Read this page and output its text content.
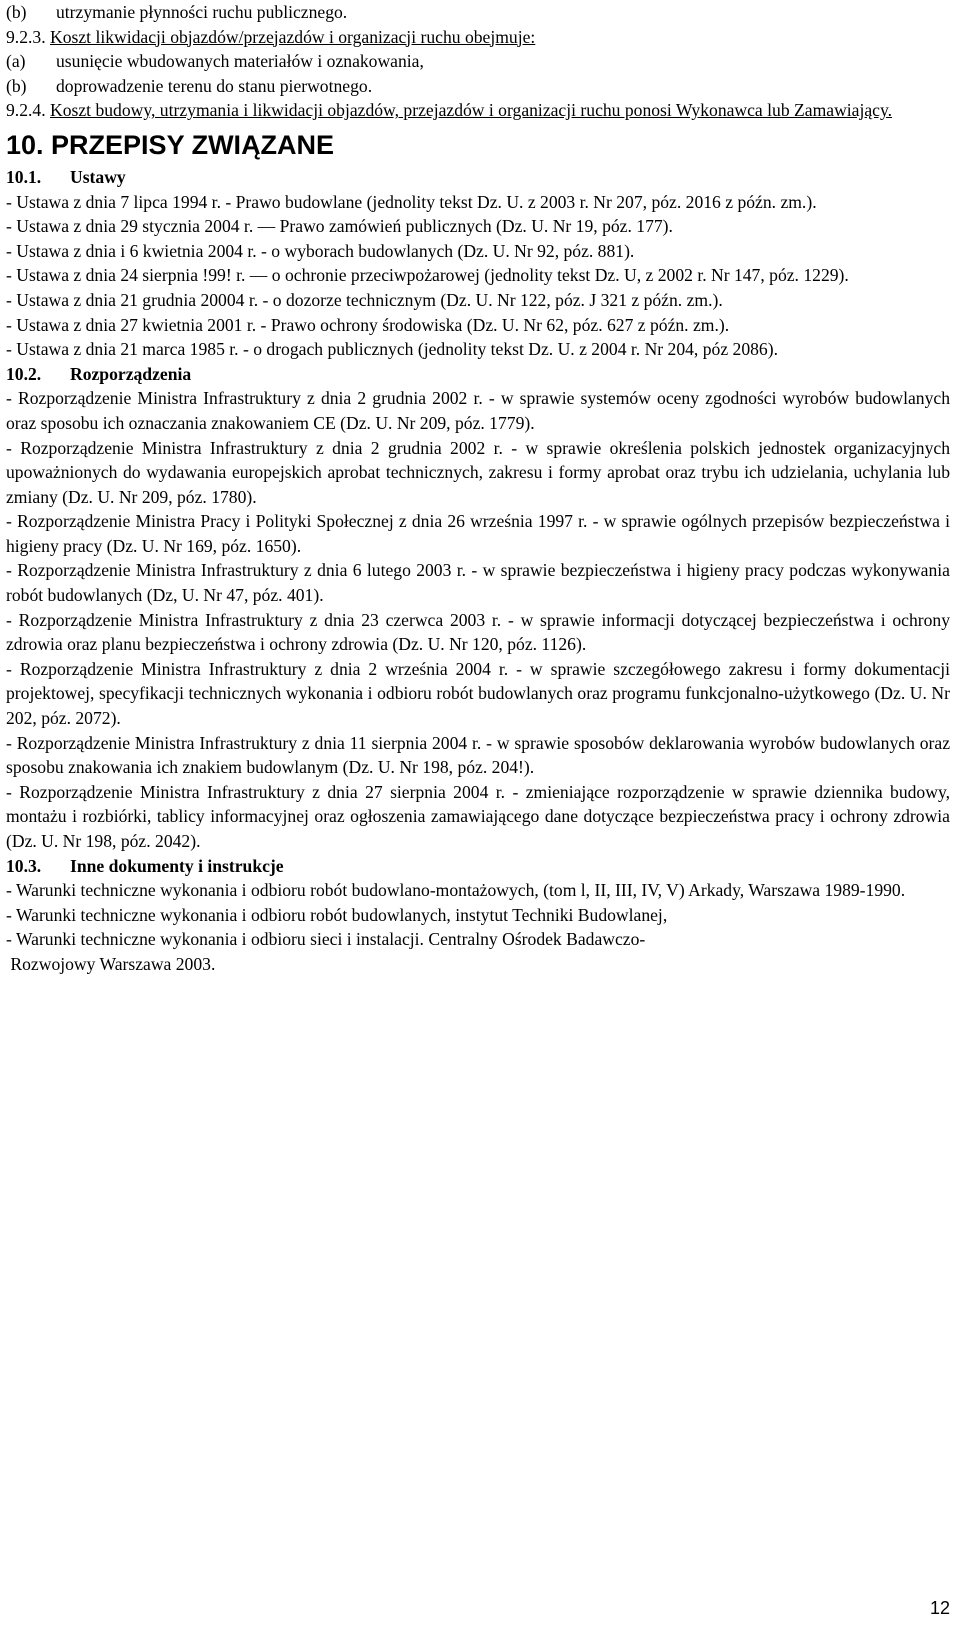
(b) utrzymanie płynności ruchu publicznego.
9.2.3. Koszt likwidacji objazdów/przejazdów i organizacji ruchu obejmuje:
(a) usunięcie wbudowanych materiałów i oznakowania,
(b) doprowadzenie terenu do stanu pierwotnego.
9.2.4. Koszt budowy, utrzymania i likwidacji objazdów, przejazdów i organizacji ruchu ponosi Wykonawca lub Zamawiający.
10. PRZEPISY ZWIĄZANE
10.1. Ustawy
- Ustawa z dnia 7 lipca 1994 r. - Prawo budowlane (jednolity tekst Dz. U. z 2003 r. Nr 207, póz. 2016 z późn. zm.).
- Ustawa z dnia 29 stycznia 2004 r. — Prawo zamówień publicznych (Dz. U. Nr 19, póz. 177).
- Ustawa z dnia i 6 kwietnia 2004 r. - o wyborach budowlanych (Dz. U. Nr 92, póz. 881).
- Ustawa z dnia 24 sierpnia !99! r. — o ochronie przeciwpożarowej (jednolity tekst Dz. U, z 2002 r. Nr 147, póz. 1229).
- Ustawa z dnia 21 grudnia 20004 r. - o dozorze technicznym (Dz. U. Nr 122, póz. J 321 z późn. zm.).
- Ustawa z dnia 27 kwietnia 2001 r. - Prawo ochrony środowiska (Dz. U. Nr 62, póz. 627 z późn. zm.).
- Ustawa z dnia 21 marca 1985 r. - o drogach publicznych (jednolity tekst Dz. U. z 2004 r. Nr 204, póz 2086).
10.2. Rozporządzenia
- Rozporządzenie Ministra Infrastruktury z dnia 2 grudnia 2002 r. - w sprawie systemów oceny zgodności wyrobów budowlanych oraz sposobu ich oznaczania znakowaniem CE (Dz. U. Nr 209, póz. 1779).
- Rozporządzenie Ministra Infrastruktury z dnia 2 grudnia 2002 r. - w sprawie określenia polskich jednostek organizacyjnych upoważnionych do wydawania europejskich aprobat technicznych, zakresu i formy aprobat oraz trybu ich udzielania, uchylania lub zmiany (Dz. U. Nr 209, póz. 1780).
- Rozporządzenie Ministra Pracy i Polityki Społecznej z dnia 26 września 1997 r. - w sprawie ogólnych przepisów bezpieczeństwa i higieny pracy (Dz. U. Nr 169, póz. 1650).
- Rozporządzenie Ministra Infrastruktury z dnia 6 lutego 2003 r. - w sprawie bezpieczeństwa i higieny pracy podczas wykonywania robót budowlanych (Dz, U. Nr 47, póz. 401).
- Rozporządzenie Ministra Infrastruktury z dnia 23 czerwca 2003 r. - w sprawie informacji dotyczącej bezpieczeństwa i ochrony zdrowia oraz planu bezpieczeństwa i ochrony zdrowia (Dz. U. Nr 120, póz. 1126).
- Rozporządzenie Ministra Infrastruktury z dnia 2 września 2004 r. - w sprawie szczegółowego zakresu i formy dokumentacji projektowej, specyfikacji technicznych wykonania i odbioru robót budowlanych oraz programu funkcjonalno-użytkowego (Dz. U. Nr 202, póz. 2072).
- Rozporządzenie Ministra Infrastruktury z dnia 11 sierpnia 2004 r. - w sprawie sposobów deklarowania wyrobów budowlanych oraz sposobu znakowania ich znakiem budowlanym (Dz. U. Nr 198, póz. 204!).
- Rozporządzenie Ministra Infrastruktury z dnia 27 sierpnia 2004 r. - zmieniające rozporządzenie w sprawie dziennika budowy, montażu i rozbiórki, tablicy informacyjnej oraz ogłoszenia zamawiającego dane dotyczące bezpieczeństwa pracy i ochrony zdrowia (Dz. U. Nr 198, póz. 2042).
10.3. Inne dokumenty i instrukcje
- Warunki techniczne wykonania i odbioru robót budowlano-montażowych, (tom l, II, III, IV, V) Arkady, Warszawa 1989-1990.
- Warunki techniczne wykonania i odbioru robót budowlanych, instytut Techniki Budowlanej,
- Warunki techniczne wykonania i odbioru sieci i instalacji. Centralny Ośrodek Badawczo-
Rozwojowy Warszawa 2003.
12
